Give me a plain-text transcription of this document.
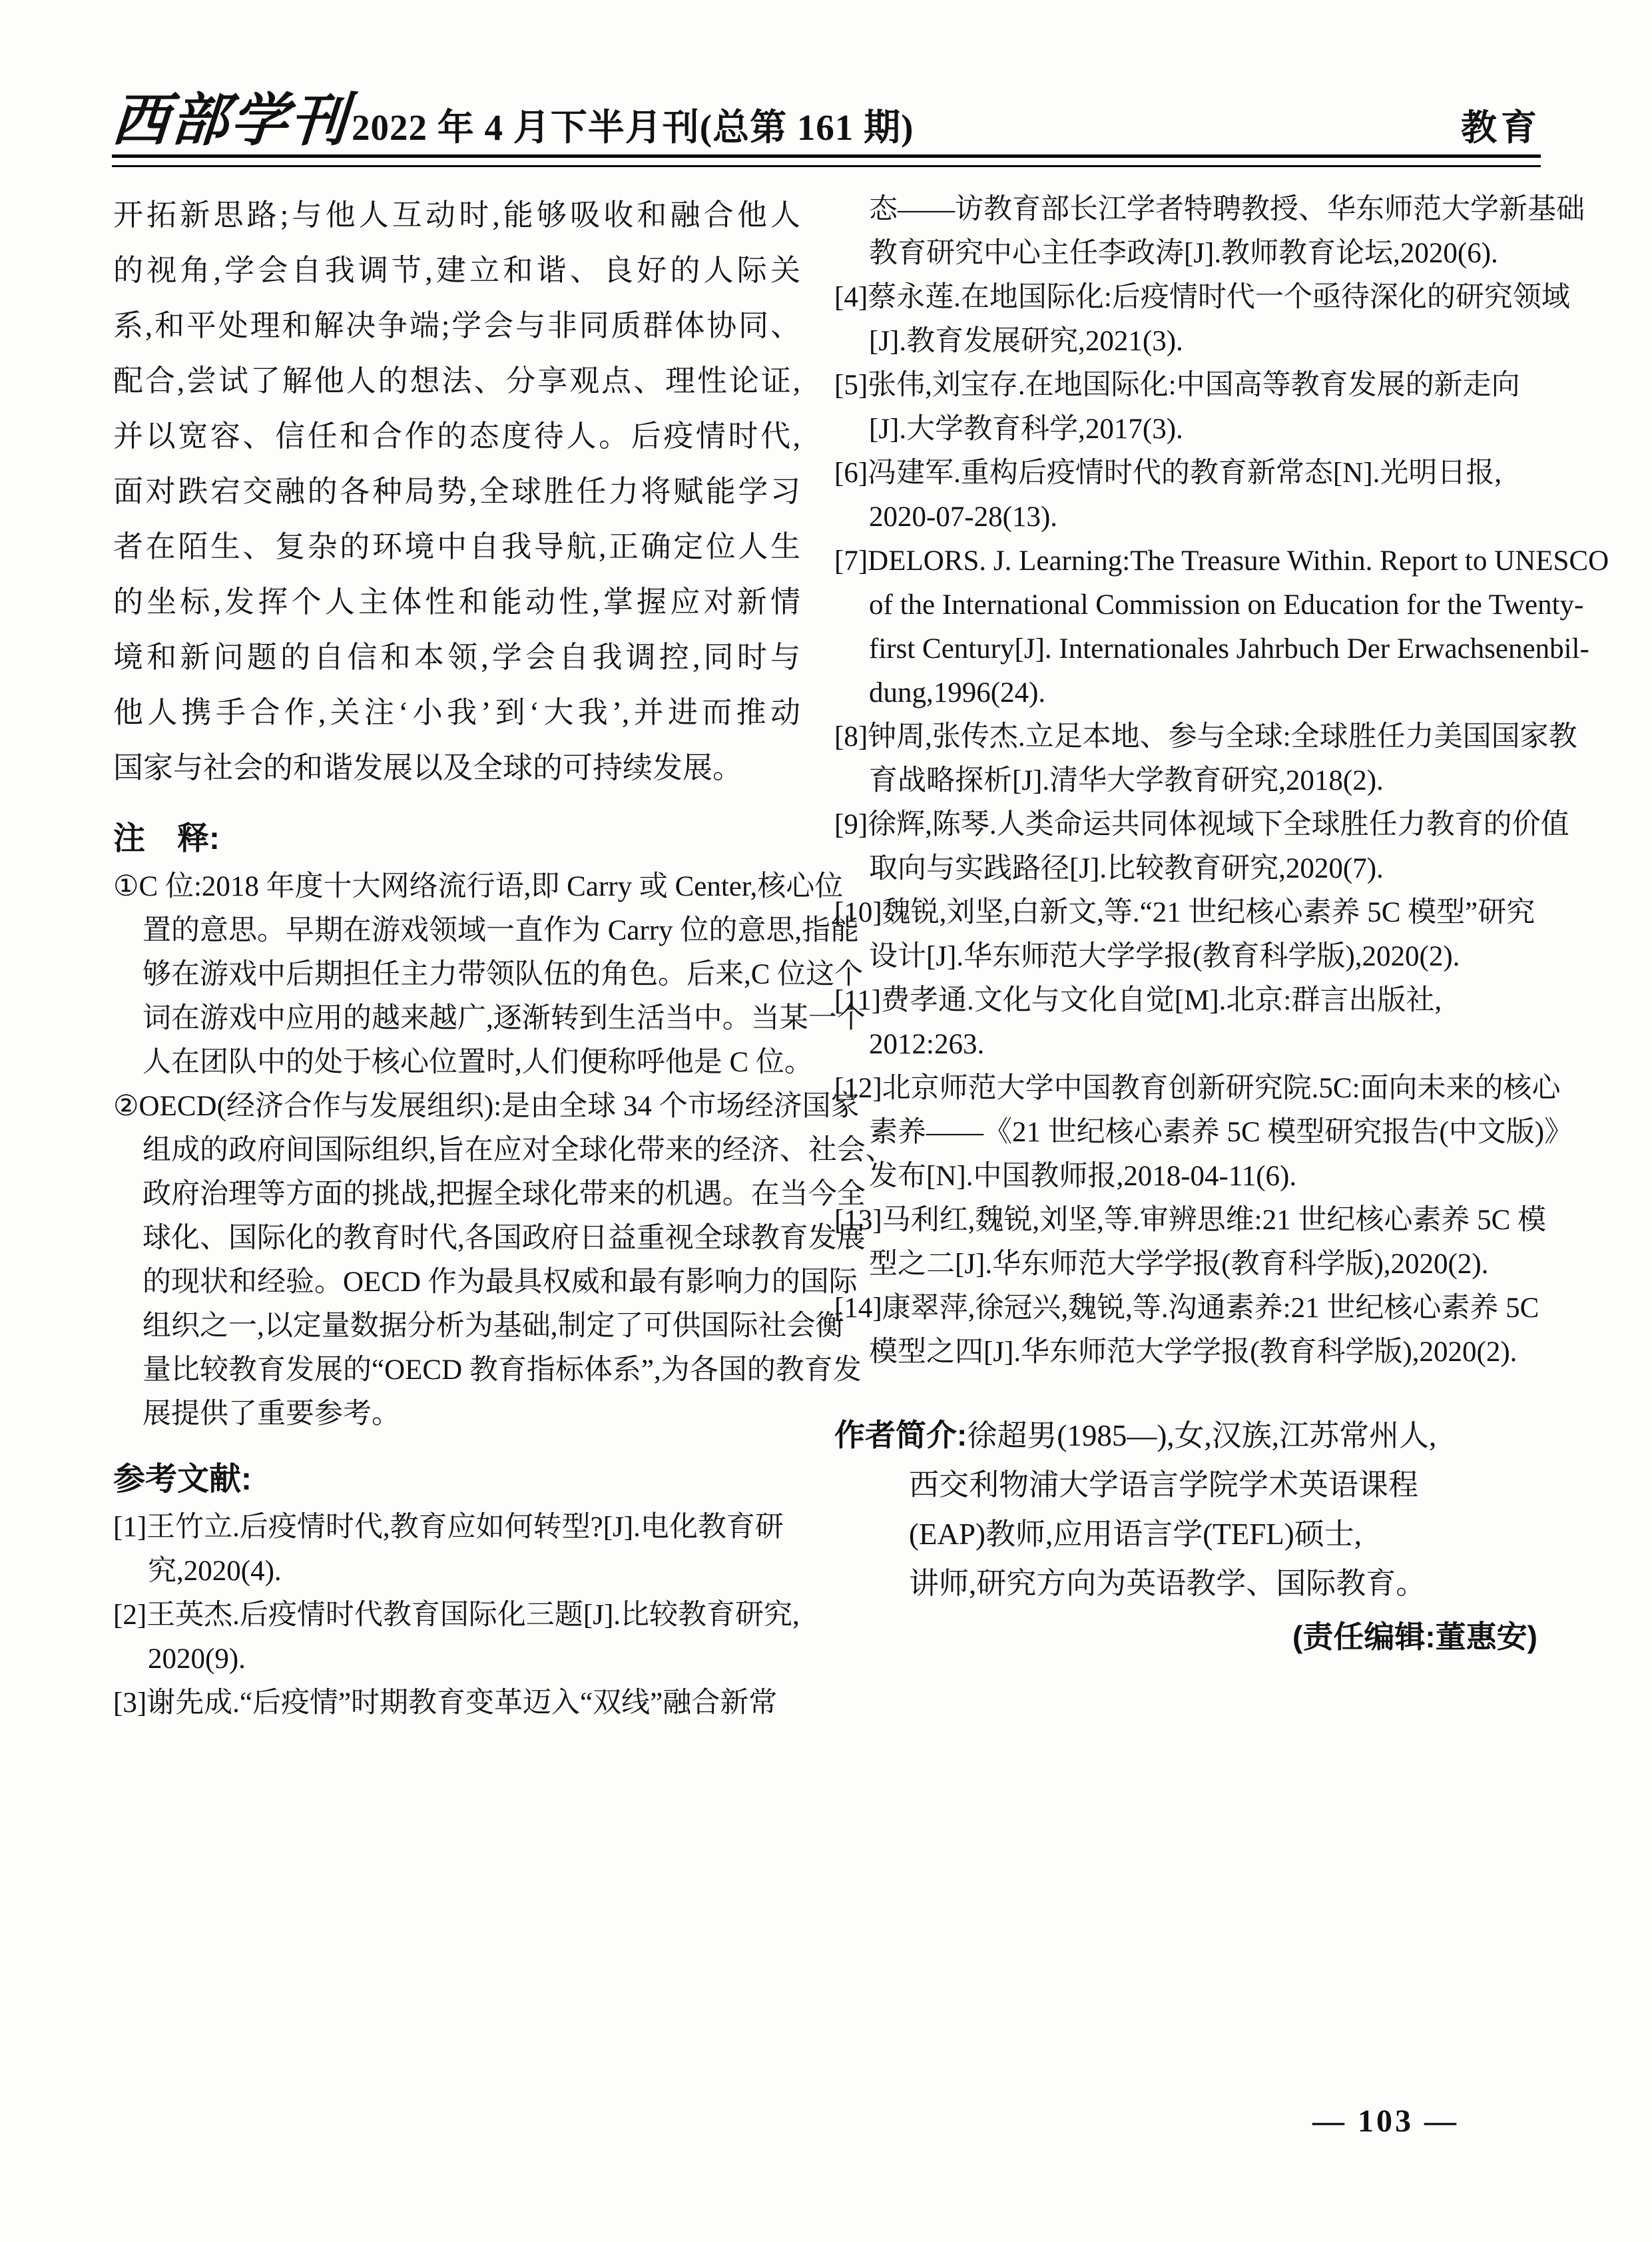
西部学刊 2022 年 4 月下半月刊(总第 161 期)	教育
开拓新思路;与他人互动时,能够吸收和融合他人
的视角,学会自我调节,建立和谐、良好的人际关
系,和平处理和解决争端;学会与非同质群体协同、
配合,尝试了解他人的想法、分享观点、理性论证,
并以宽容、信任和合作的态度待人。后疫情时代,
面对跌宕交融的各种局势,全球胜任力将赋能学习
者在陌生、复杂的环境中自我导航,正确定位人生
的坐标,发挥个人主体性和能动性,掌握应对新情
境和新问题的自信和本领,学会自我调控,同时与
他人携手合作,关注‘小我’到‘大我’,并进而推动
国家与社会的和谐发展以及全球的可持续发展。
注　释:
①C 位:2018 年度十大网络流行语,即 Carry 或 Center,核心位
置的意思。早期在游戏领域一直作为 Carry 位的意思,指能
够在游戏中后期担任主力带领队伍的角色。后来,C 位这个
词在游戏中应用的越来越广,逐渐转到生活当中。当某一个
人在团队中的处于核心位置时,人们便称呼他是 C 位。
②OECD(经济合作与发展组织):是由全球 34 个市场经济国家
组成的政府间国际组织,旨在应对全球化带来的经济、社会、
政府治理等方面的挑战,把握全球化带来的机遇。在当今全
球化、国际化的教育时代,各国政府日益重视全球教育发展
的现状和经验。OECD 作为最具权威和最有影响力的国际
组织之一,以定量数据分析为基础,制定了可供国际社会衡
量比较教育发展的“OECD 教育指标体系”,为各国的教育发
展提供了重要参考。
参考文献:
[1]王竹立.后疫情时代,教育应如何转型?[J].电化教育研
究,2020(4).
[2]王英杰.后疫情时代教育国际化三题[J].比较教育研究,
2020(9).
[3]谢先成.“后疫情”时期教育变革迈入“双线”融合新常
态——访教育部长江学者特聘教授、华东师范大学新基础
教育研究中心主任李政涛[J].教师教育论坛,2020(6).
[4]蔡永莲.在地国际化:后疫情时代一个亟待深化的研究领域
[J].教育发展研究,2021(3).
[5]张伟,刘宝存.在地国际化:中国高等教育发展的新走向
[J].大学教育科学,2017(3).
[6]冯建军.重构后疫情时代的教育新常态[N].光明日报,
2020-07-28(13).
[7]DELORS. J. Learning:The Treasure Within. Report to UNESCO
of the International Commission on Education for the Twenty-
first Century[J]. Internationales Jahrbuch Der Erwachsenenbil-
dung,1996(24).
[8]钟周,张传杰.立足本地、参与全球:全球胜任力美国国家教
育战略探析[J].清华大学教育研究,2018(2).
[9]徐辉,陈琴.人类命运共同体视域下全球胜任力教育的价值
取向与实践路径[J].比较教育研究,2020(7).
[10]魏锐,刘坚,白新文,等.“21 世纪核心素养 5C 模型”研究
设计[J].华东师范大学学报(教育科学版),2020(2).
[11]费孝通.文化与文化自觉[M].北京:群言出版社,
2012:263.
[12]北京师范大学中国教育创新研究院.5C:面向未来的核心
素养——《21 世纪核心素养 5C 模型研究报告(中文版)》
发布[N].中国教师报,2018-04-11(6).
[13]马利红,魏锐,刘坚,等.审辨思维:21 世纪核心素养 5C 模
型之二[J].华东师范大学学报(教育科学版),2020(2).
[14]康翠萍,徐冠兴,魏锐,等.沟通素养:21 世纪核心素养 5C
模型之四[J].华东师范大学学报(教育科学版),2020(2).
作者简介:徐超男(1985—),女,汉族,江苏常州人,
西交利物浦大学语言学院学术英语课程
(EAP)教师,应用语言学(TEFL)硕士,
讲师,研究方向为英语教学、国际教育。
(责任编辑:董惠安)
— 103 —
